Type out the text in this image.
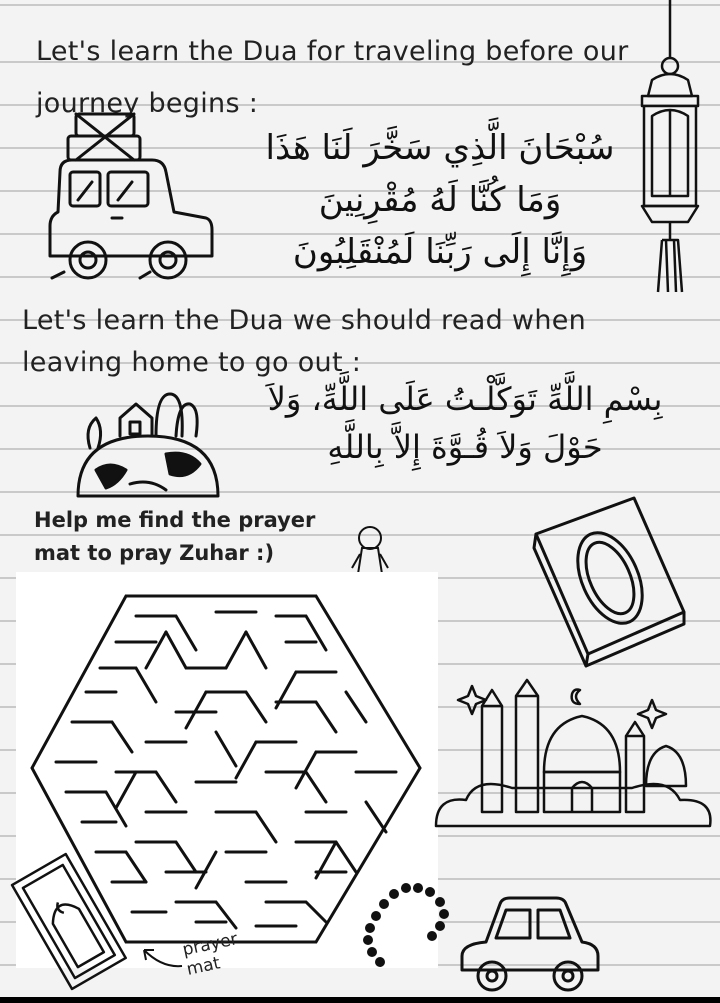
Let's learn the Dua for traveling before our journey begins :
سُبْحَانَ الَّذِي سَخَّرَ لَنَا هَذَا
وَمَا كُنَّا لَهُ مُقْرِنِينَ
وَإِنَّا إِلَى رَبِّنَا لَمُنْقَلِبُونَ
Let's learn the Dua we should read when leaving home to go out :
بِسْمِ اللَّهِّ تَوَكَّلْـتُ عَلَى اللَّهِّ، وَلاَ
حَوْلَ وَلاَ قُـوَّةَ إِلاَّ بِاللَّهِ
Help me find the prayer mat to pray Zuhar :)
prayer mat
